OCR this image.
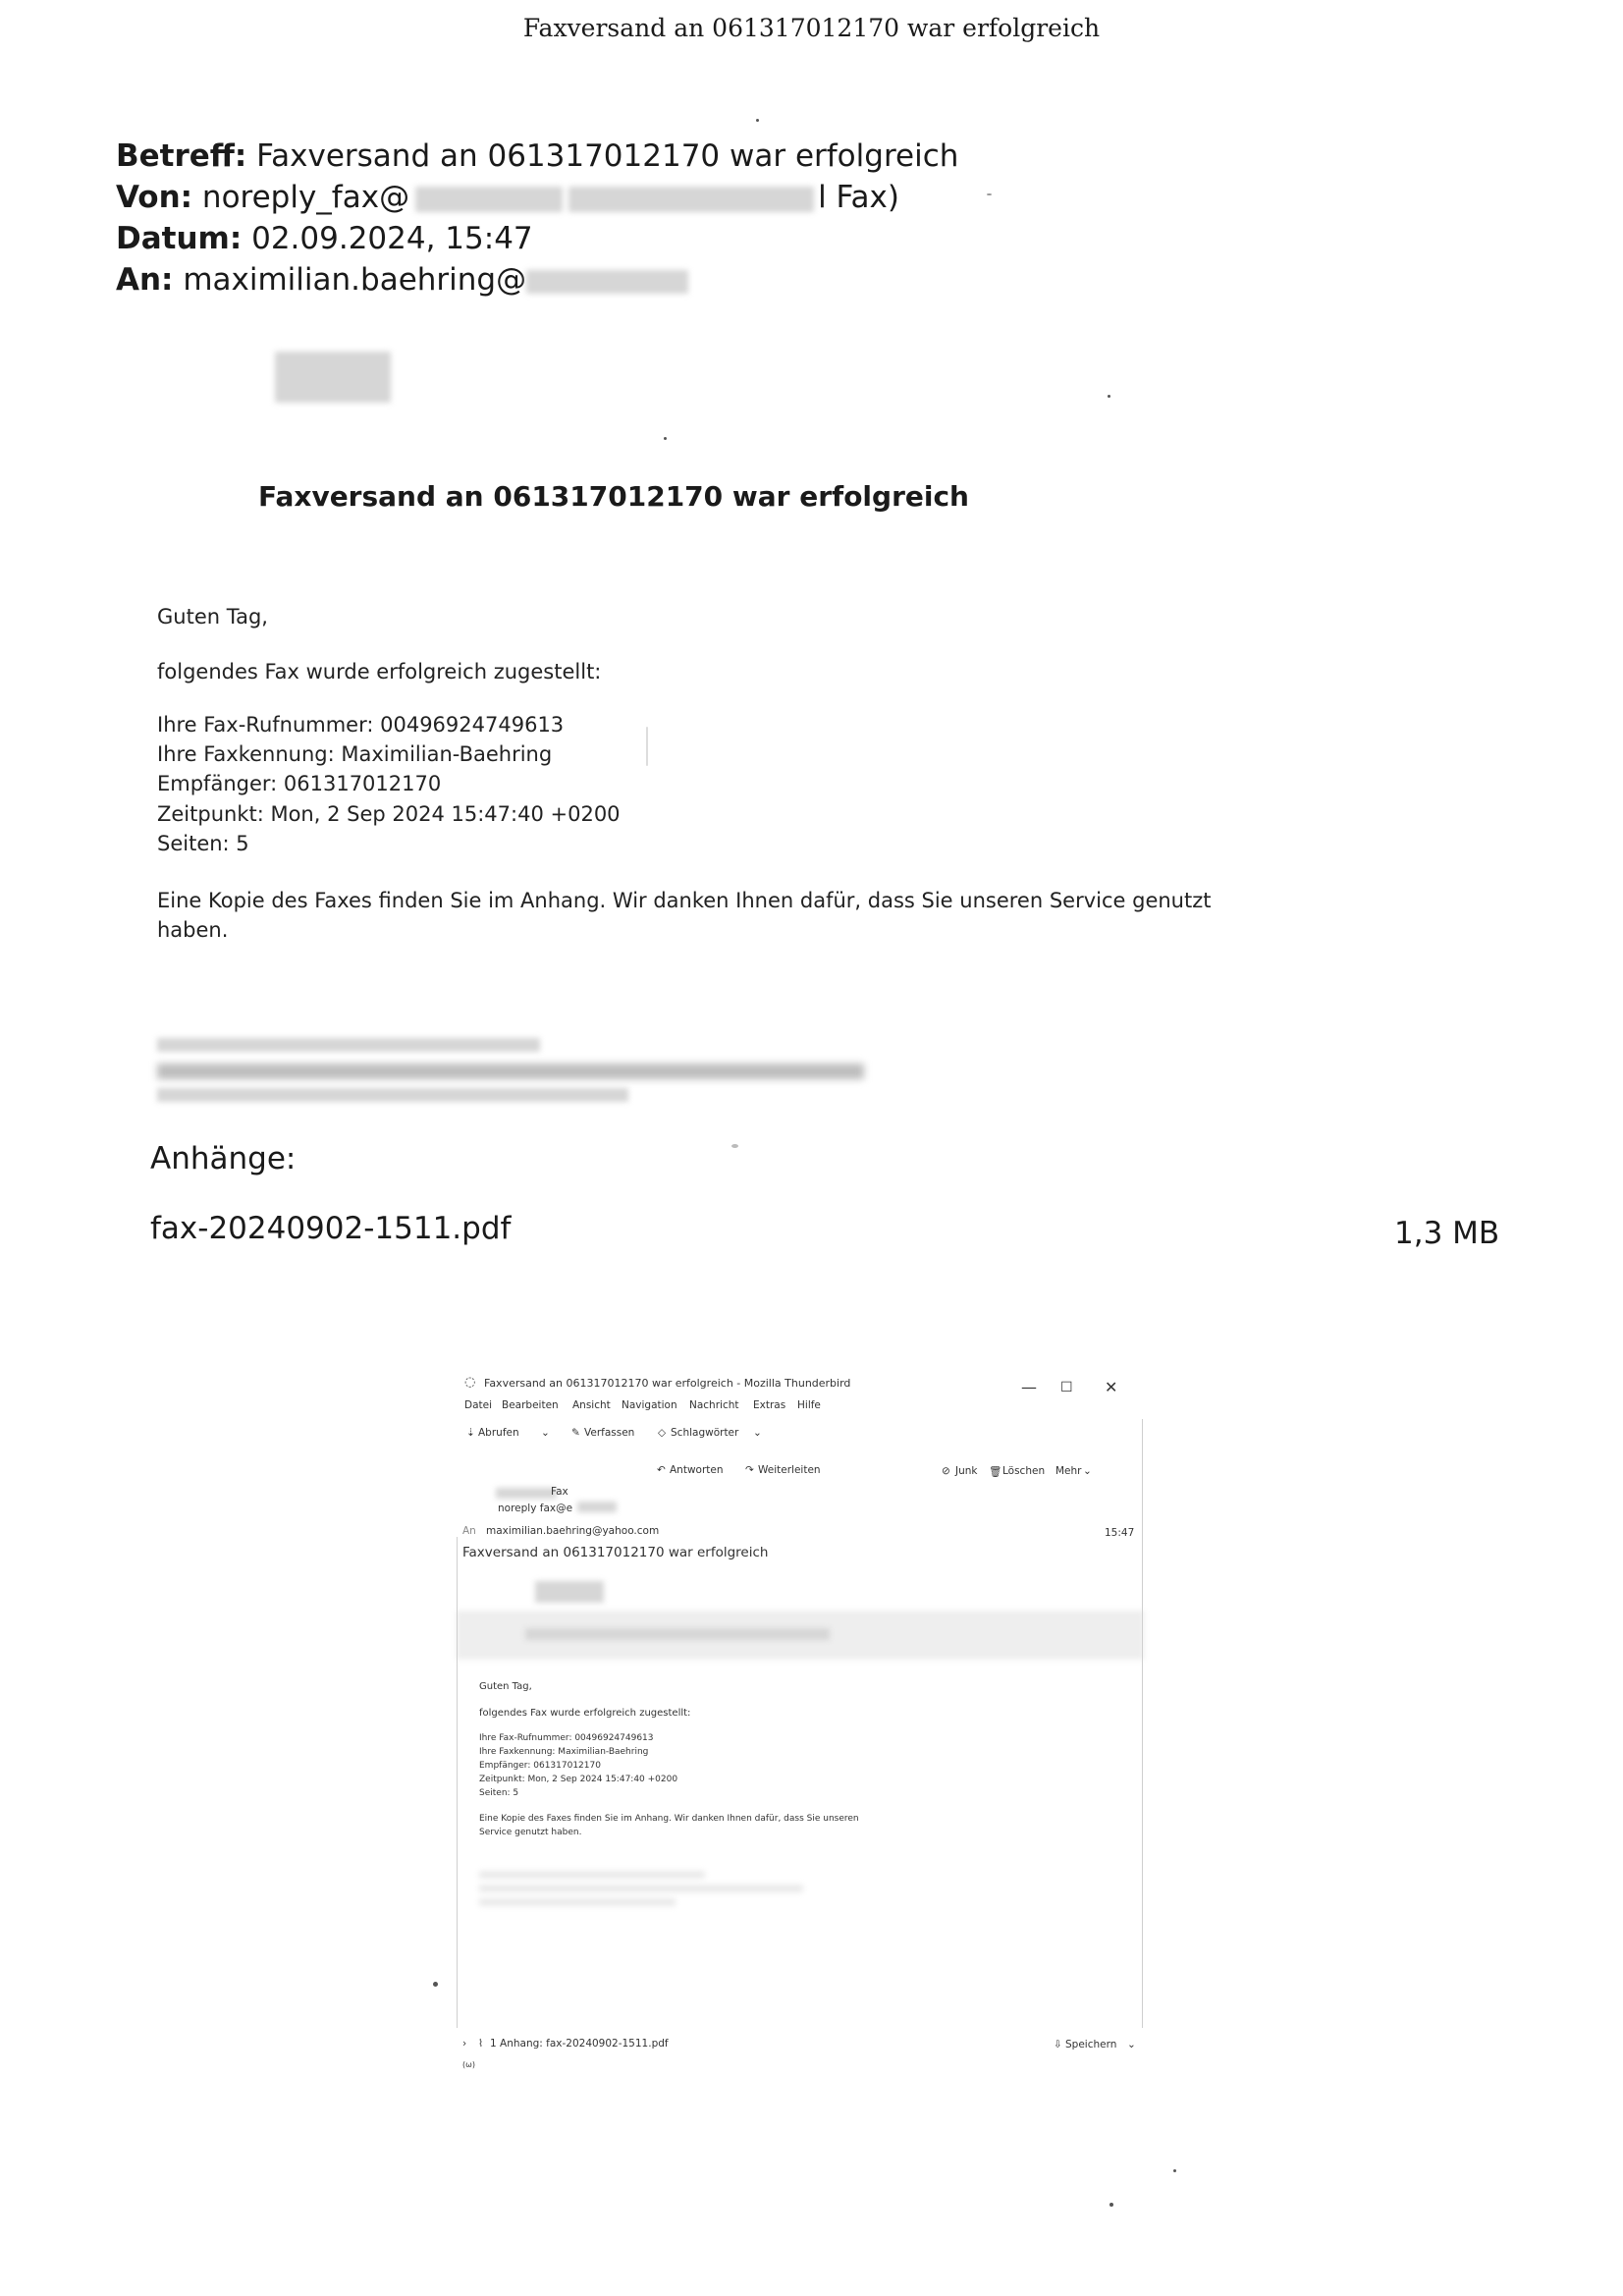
Faxversand an 061317012170 war erfolgreich
Betreff: Faxversand an 061317012170 war erfolgreich
Von: noreply_fax@	l Fax)
Datum: 02.09.2024, 15:47
An: maximilian.baehring@
Faxversand an 061317012170 war erfolgreich
Guten Tag,
folgendes Fax wurde erfolgreich zugestellt:
Ihre Fax-Rufnummer: 00496924749613
Ihre Faxkennung: Maximilian-Baehring
Empfänger: 061317012170
Zeitpunkt: Mon, 2 Sep 2024 15:47:40 +0200
Seiten: 5
Eine Kopie des Faxes finden Sie im Anhang. Wir danken Ihnen dafür, dass Sie unseren Service genutzt
haben.
Anhänge:
fax-20240902-1511.pdf	1,3 MB
◌ Faxversand an 061317012170 war erfolgreich - Mozilla Thunderbird	— ☐ ✕
Datei Bearbeiten Ansicht Navigation Nachricht Extras Hilfe
⇣ Abrufen ⌄ ✎ Verfassen ◇ Schlagwörter ⌄
↶ Antworten ↷ Weiterleiten	⊘ Junk 🗑 Löschen Mehr ⌄
Fax
noreply fax@e
An maximilian.baehring@yahoo.com	15:47
Faxversand an 061317012170 war erfolgreich
Guten Tag,
folgendes Fax wurde erfolgreich zugestellt:
Ihre Fax-Rufnummer: 00496924749613
Ihre Faxkennung: Maximilian-Baehring
Empfänger: 061317012170
Zeitpunkt: Mon, 2 Sep 2024 15:47:40 +0200
Seiten: 5
Eine Kopie des Faxes finden Sie im Anhang. Wir danken Ihnen dafür, dass Sie unseren
Service genutzt haben.
› ⌇ 1 Anhang: fax-20240902-1511.pdf	⇩ Speichern ⌄
(ω)
